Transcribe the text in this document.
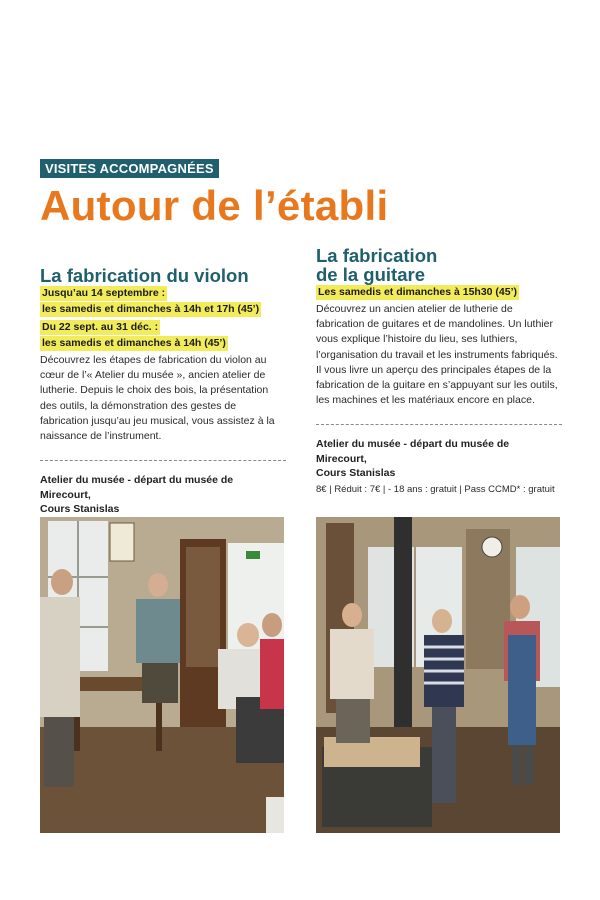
VISITES ACCOMPAGNÉES
Autour de l’établi
La fabrication du violon
Jusqu’au 14 septembre :
les samedis et dimanches à 14h et 17h (45’)
Du 22 sept. au 31 déc. :
les samedis et dimanches à 14h (45’)

Découvrez les étapes de fabrication du violon au cœur de l’« Atelier du musée », ancien atelier de lutherie. Depuis le choix des bois, la présentation des outils, la démonstration des gestes de fabrication jusqu’au jeu musical, vous assistez à la naissance de l’instrument.

Atelier du musée - départ du musée de Mirecourt,
Cours Stanislas

La fabrication
de la guitare
Les samedis et dimanches à 15h30 (45’)

Découvrez un ancien atelier de lutherie de fabrication de guitares et de mandolines. Un luthier vous explique l’histoire du lieu, ses luthiers, l’organisation du travail et les instruments fabriqués. Il vous livre un aperçu des principales étapes de la fabrication de la guitare en s’appuyant sur les outils, les machines et les matériaux encore en place.

Atelier du musée - départ du musée de Mirecourt,
Cours Stanislas

8€ | Réduit : 7€ | - 18 ans : gratuit | Pass CCMD* : gratuit
